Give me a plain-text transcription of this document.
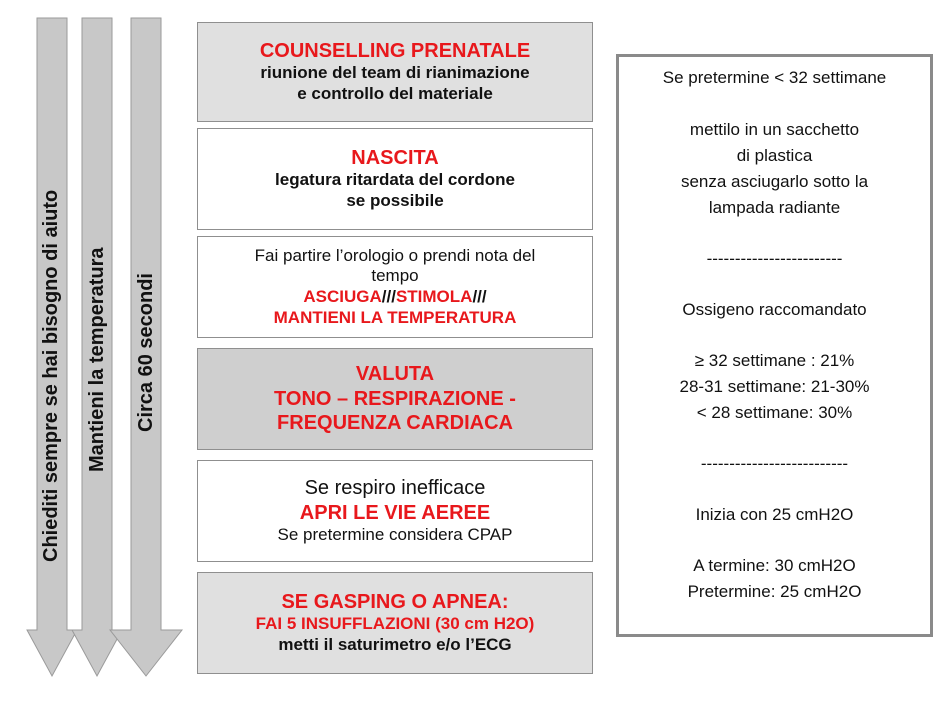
Chiediti sempre se hai bisogno di aiuto Mantieni la temperatura Circa 60 secondi
COUNSELLING PRENATALE
riunione del team di rianimazione
e controllo del materiale
NASCITA
legatura ritardata del cordone
se possibile
Fai partire l’orologio o prendi nota del
tempo
ASCIUGA///STIMOLA///
MANTIENI LA TEMPERATURA
VALUTA
TONO – RESPIRAZIONE -
FREQUENZA CARDIACA
Se respiro inefficace
APRI LE VIE AEREE
Se pretermine considera CPAP
SE GASPING O APNEA:
FAI 5 INSUFFLAZIONI (30 cm H2O)
metti il saturimetro e/o l’ECG
Se pretermine < 32 settimane
mettilo in un sacchetto
di plastica
senza asciugarlo sotto la
lampada radiante
------------------------
Ossigeno raccomandato
≥ 32 settimane : 21%
28-31 settimane: 21-30%
< 28 settimane: 30%
--------------------------
Inizia con 25 cmH2O
A termine: 30 cmH2O
Pretermine: 25 cmH2O
